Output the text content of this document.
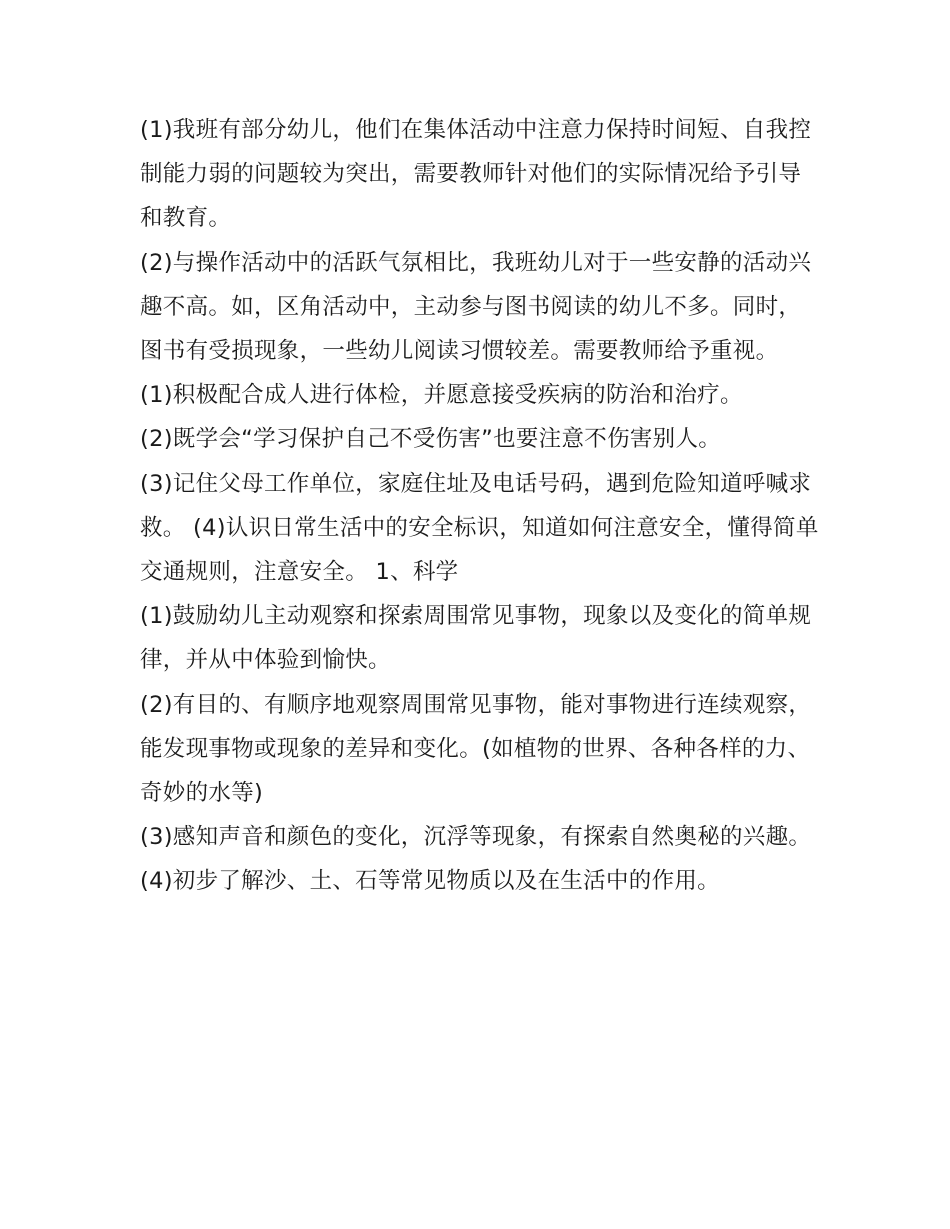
(1)我班有部分幼儿，他们在集体活动中注意力保持时间短、自我控制能力弱的问题较为突出，需要教师针对他们的实际情况给予引导和教育。

(2)与操作活动中的活跃气氛相比，我班幼儿对于一些安静的活动兴趣不高。如，区角活动中，主动参与图书阅读的幼儿不多。同时，图书有受损现象，一些幼儿阅读习惯较差。需要教师给予重视。

(1)积极配合成人进行体检，并愿意接受疾病的防治和治疗。

(2)既学会“学习保护自己不受伤害”也要注意不伤害别人。

(3)记住父母工作单位，家庭住址及电话号码，遇到危险知道呼喊求救。 (4)认识日常生活中的安全标识，知道如何注意安全，懂得简单交通规则，注意安全。 1、科学

(1)鼓励幼儿主动观察和探索周围常见事物，现象以及变化的简单规律，并从中体验到愉快。

(2)有目的、有顺序地观察周围常见事物，能对事物进行连续观察，能发现事物或现象的差异和变化。(如植物的世界、各种各样的力、奇妙的水等)

(3)感知声音和颜色的变化，沉浮等现象，有探索自然奥秘的兴趣。 (4)初步了解沙、土、石等常见物质以及在生活中的作用。
